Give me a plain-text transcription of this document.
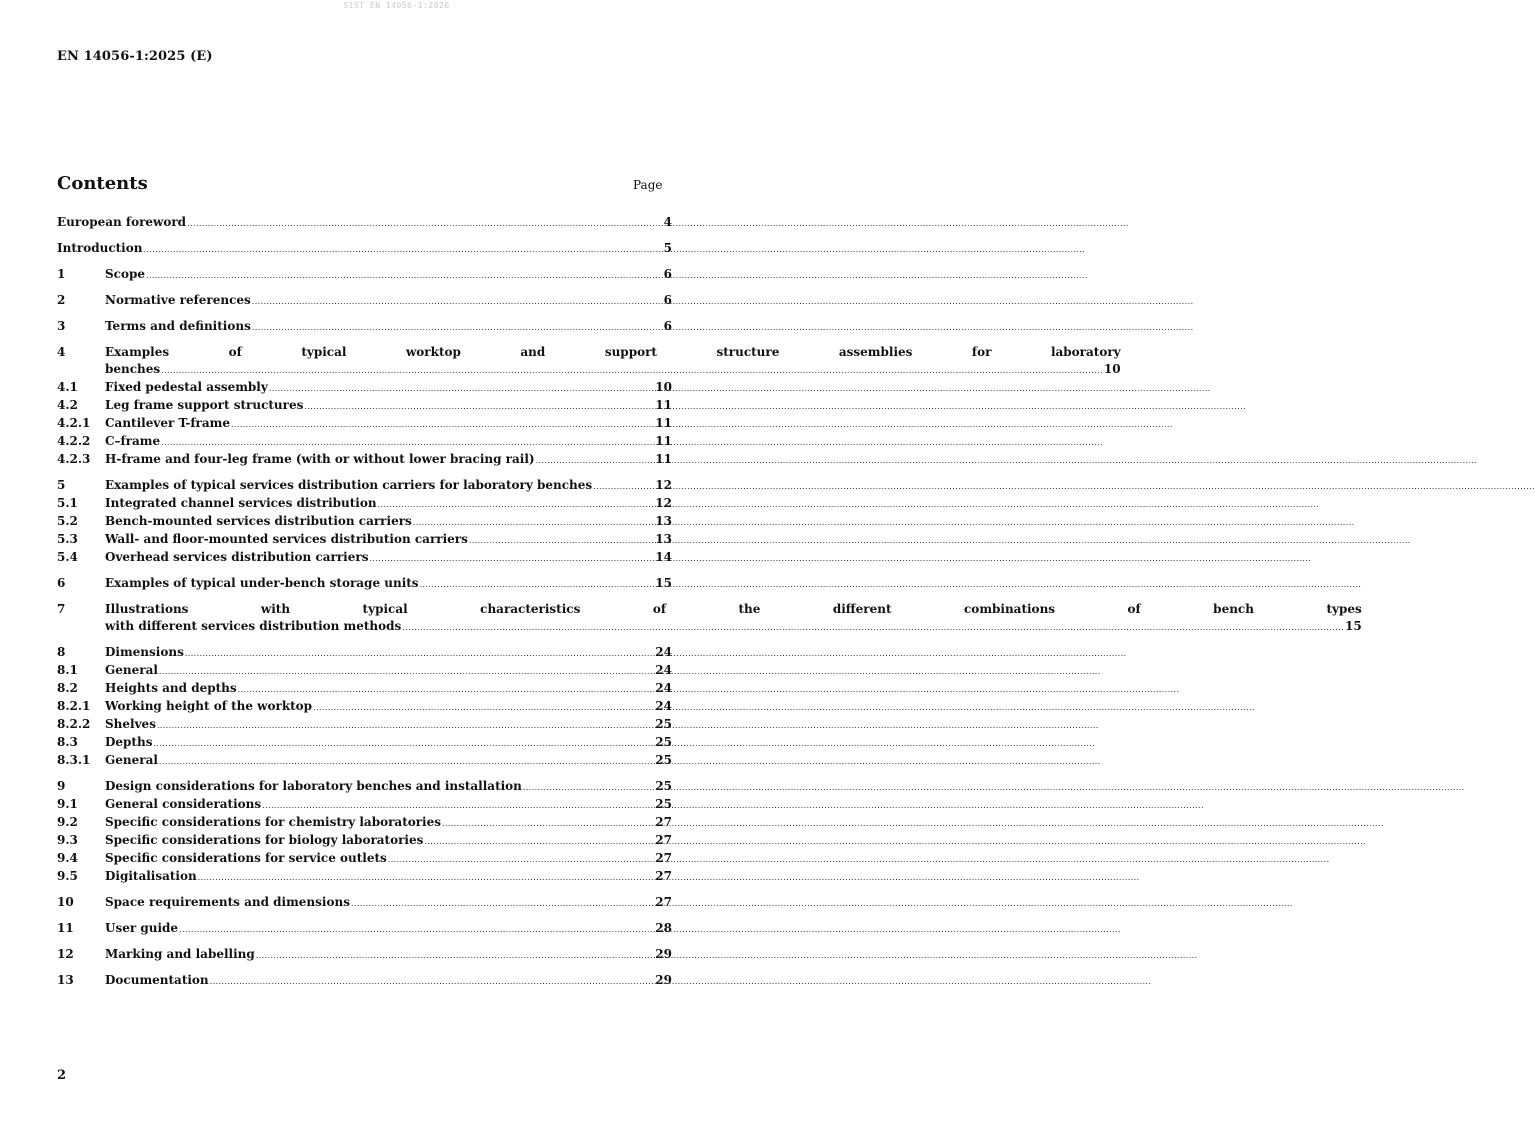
SIST EN 14056-1:2026
EN 14056-1:2025 (E)
Contents	Page
European foreword .....	4
Introduction .....	5
1	Scope .....	6
2	Normative references .....	6
3	Terms and definitions .....	6
4	Examples of typical worktop and support structure assemblies for laboratory
benches .....	10
4.1	Fixed pedestal assembly .....	10
4.2	Leg frame support structures .....	11
4.2.1	Cantilever T-frame .....	11
4.2.2	C–frame .....	11
4.2.3	H-frame and four-leg frame (with or without lower bracing rail) .....	11
5	Examples of typical services distribution carriers for laboratory benches .....	12
5.1	Integrated channel services distribution .....	12
5.2	Bench-mounted services distribution carriers .....	13
5.3	Wall- and floor-mounted services distribution carriers .....	13
5.4	Overhead services distribution carriers .....	14
6	Examples of typical under-bench storage units .....	15
7	Illustrations with typical characteristics of the different combinations of bench types
with different services distribution methods .....	15
8	Dimensions .....	24
8.1	General .....	24
8.2	Heights and depths .....	24
8.2.1	Working height of the worktop .....	24
8.2.2	Shelves .....	25
8.3	Depths .....	25
8.3.1	General .....	25
9	Design considerations for laboratory benches and installation .....	25
9.1	General considerations .....	25
9.2	Specific considerations for chemistry laboratories .....	27
9.3	Specific considerations for biology laboratories .....	27
9.4	Specific considerations for service outlets .....	27
9.5	Digitalisation .....	27
10	Space requirements and dimensions .....	27
11	User guide .....	28
12	Marking and labelling .....	29
13	Documentation .....	29
2
